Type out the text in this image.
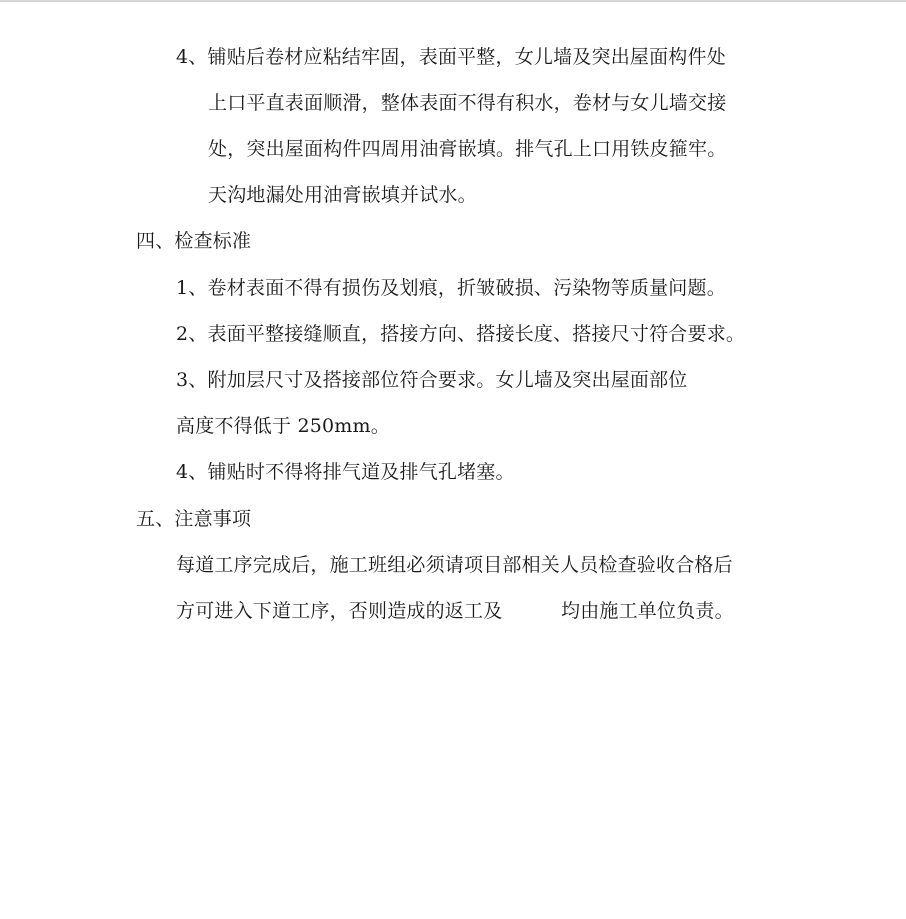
4、铺贴后卷材应粘结牢固，表面平整，女儿墙及突出屋面构件处
上口平直表面顺滑，整体表面不得有积水，卷材与女儿墙交接
处，突出屋面构件四周用油膏嵌填。排气孔上口用铁皮箍牢。
天沟地漏处用油膏嵌填并试水。
四、检查标准
1、卷材表面不得有损伤及划痕，折皱破损、污染物等质量问题。
2、表面平整接缝顺直，搭接方向、搭接长度、搭接尺寸符合要求。
3、附加层尺寸及搭接部位符合要求。女儿墙及突出屋面部位
高度不得低于 250mm。
4、铺贴时不得将排气道及排气孔堵塞。
五、注意事项
每道工序完成后，施工班组必须请项目部相关人员检查验收合格后
方可进入下道工序，否则造成的返工及	均由施工单位负责。
